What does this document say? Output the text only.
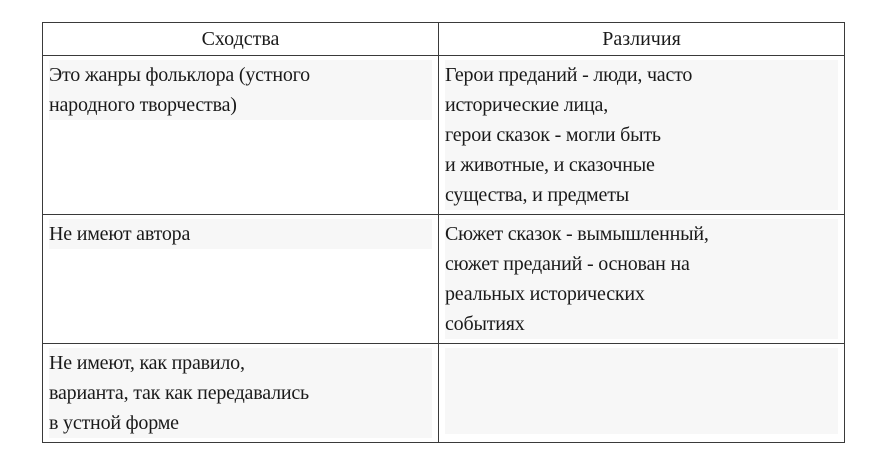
Сходства	Различия

Это жанры фольклора (устного
народного творчества)	Герои преданий - люди, часто
исторические лица,
герои сказок - могли быть
и животные, и сказочные
существа, и предметы

Не имеют автора	Сюжет сказок - вымышленный,
сюжет преданий - основан на
реальных исторических
событиях

Не имеют, как правило,
варианта, так как передавались
в устной форме	
